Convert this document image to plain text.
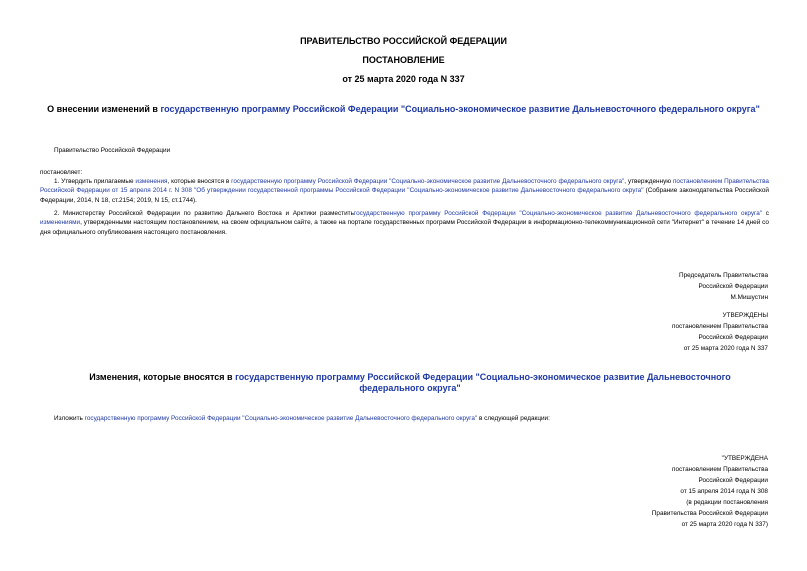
ПРАВИТЕЛЬСТВО РОССИЙСКОЙ ФЕДЕРАЦИИ
ПОСТАНОВЛЕНИЕ
от 25 марта 2020 года N 337
О внесении изменений в государственную программу Российской Федерации "Социально-экономическое развитие Дальневосточного федерального округа"
Правительство Российской Федерации
постановляет:
1. Утвердить прилагаемые изменения, которые вносятся в государственную программу Российской Федерации "Социально-экономическое развитие Дальневосточного федерального округа", утвержденную постановлением Правительства Российской Федерации от 15 апреля 2014 г. N 308 "Об утверждении государственной программы Российской Федерации "Социально-экономическое развитие Дальневосточного федерального округа" (Собрание законодательства Российской Федерации, 2014, N 18, ст.2154; 2019, N 15, ст.1744).
2. Министерству Российской Федерации по развитию Дальнего Востока и Арктики разместитьгосударственную программу Российской Федерации "Социально-экономическое развитие Дальневосточного федерального округа" с изменениями, утвержденными настоящим постановлением, на своем официальном сайте, а также на портале государственных программ Российской Федерации в информационно-телекоммуникационной сети "Интернет" в течение 14 дней со дня официального опубликования настоящего постановления.
Председатель Правительства
Российской Федерации
М.Мишустин
УТВЕРЖДЕНЫ
постановлением Правительства
Российской Федерации
от 25 марта 2020 года N 337
Изменения, которые вносятся в государственную программу Российской Федерации "Социально-экономическое развитие Дальневосточного федерального округа"
Изложить государственную программу Российской Федерации "Социально-экономическое развитие Дальневосточного федерального округа" в следующей редакции:
"УТВЕРЖДЕНА
постановлением Правительства
Российской Федерации
от 15 апреля 2014 года N 308
(в редакции постановления
Правительства Российской Федерации
от 25 марта 2020 года N 337)
